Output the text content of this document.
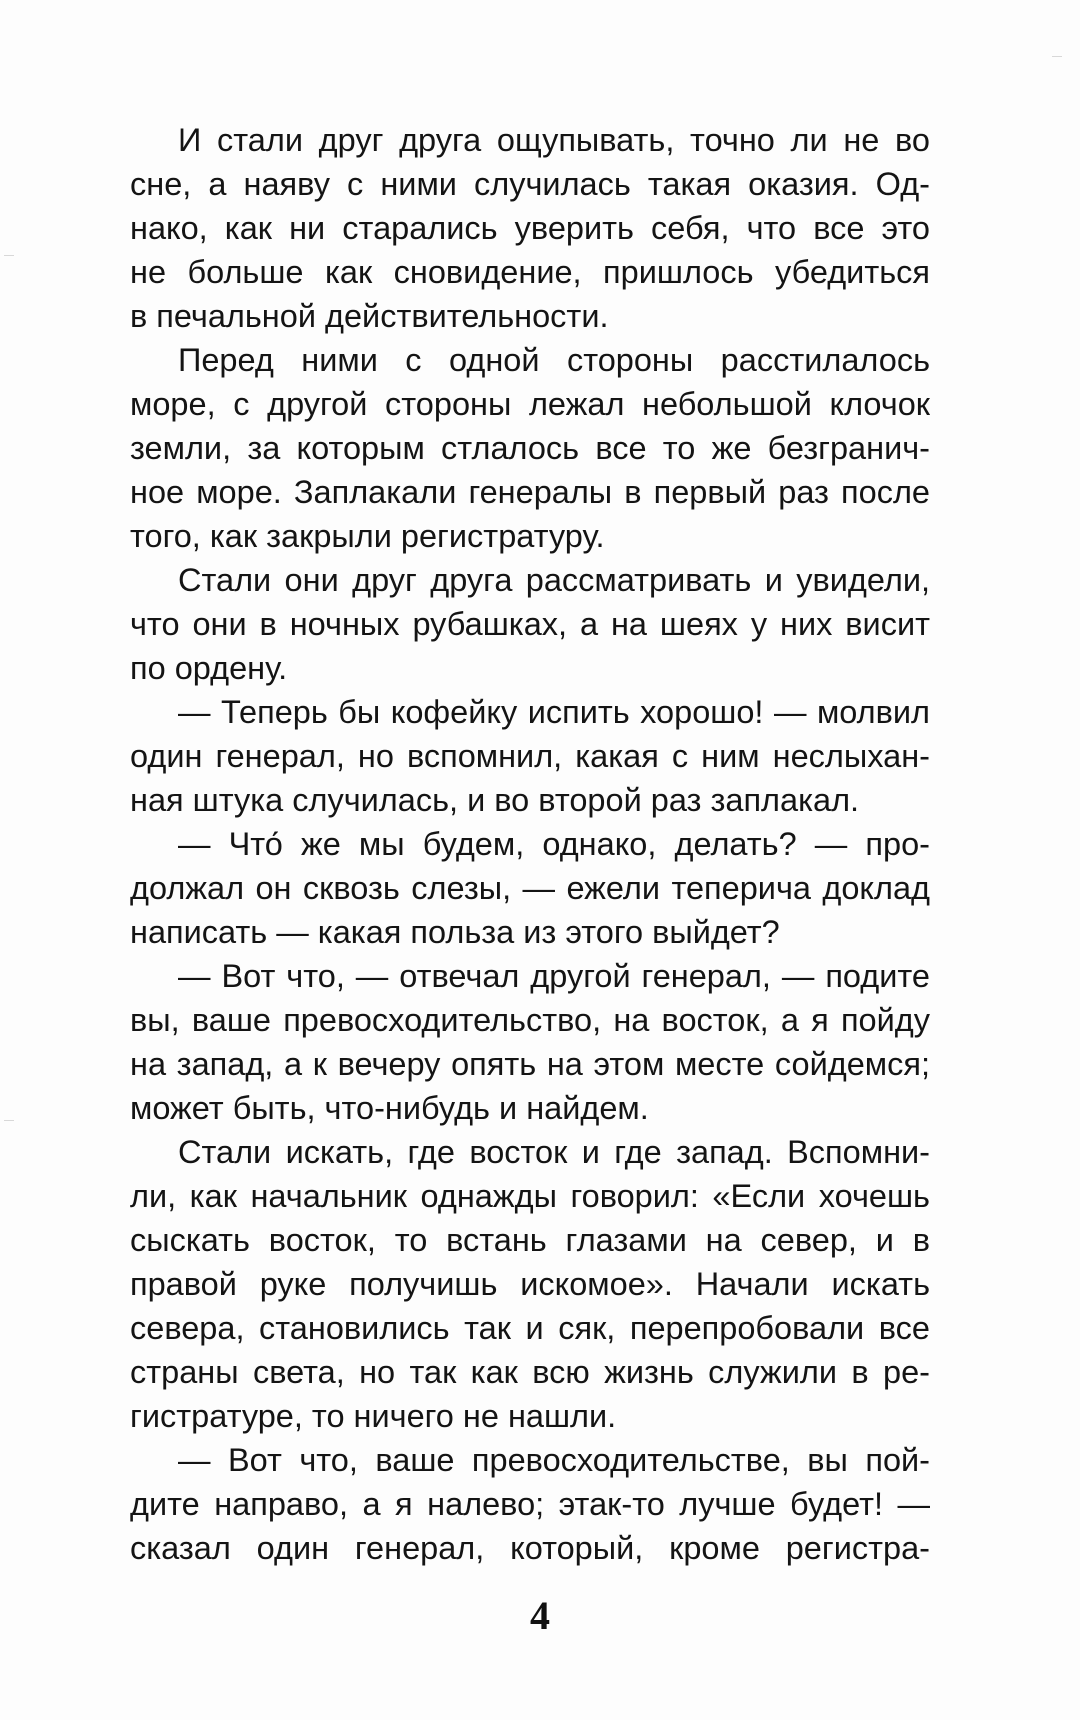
И стали друг друга ощупывать, точно ли не во
сне, а наяву с ними случилась такая оказия. Од-
нако, как ни старались уверить себя, что все это
не больше как сновидение, пришлось убедиться
в печальной действительности.
Перед ними с одной стороны расстилалось
море, с другой стороны лежал небольшой клочок
земли, за которым стлалось все то же безгранич-
ное море. Заплакали генералы в первый раз после
того, как закрыли регистратуру.
Стали они друг друга рассматривать и увидели,
что они в ночных рубашках, а на шеях у них висит
по ордену.
— Теперь бы кофейку испить хорошо! — молвил
один генерал, но вспомнил, какая с ним неслыхан-
ная штука случилась, и во второй раз заплакал.
— Что́ же мы будем, однако, делать? — про-
должал он сквозь слезы, — ежели теперича доклад
написать — какая польза из этого выйдет?
— Вот что, — отвечал другой генерал, — подите
вы, ваше превосходительство, на восток, а я пойду
на запад, а к вечеру опять на этом месте сойдемся;
может быть, что-нибудь и найдем.
Стали искать, где восток и где запад. Вспомни-
ли, как начальник однажды говорил: «Если хочешь
сыскать восток, то встань глазами на север, и в
правой руке получишь искомое». Начали искать
севера, становились так и сяк, перепробовали все
страны света, но так как всю жизнь служили в ре-
гистратуре, то ничего не нашли.
— Вот что, ваше превосходительстве, вы пой-
дите направо, а я налево; этак-то лучше будет! —
сказал один генерал, который, кроме регистра-
4
